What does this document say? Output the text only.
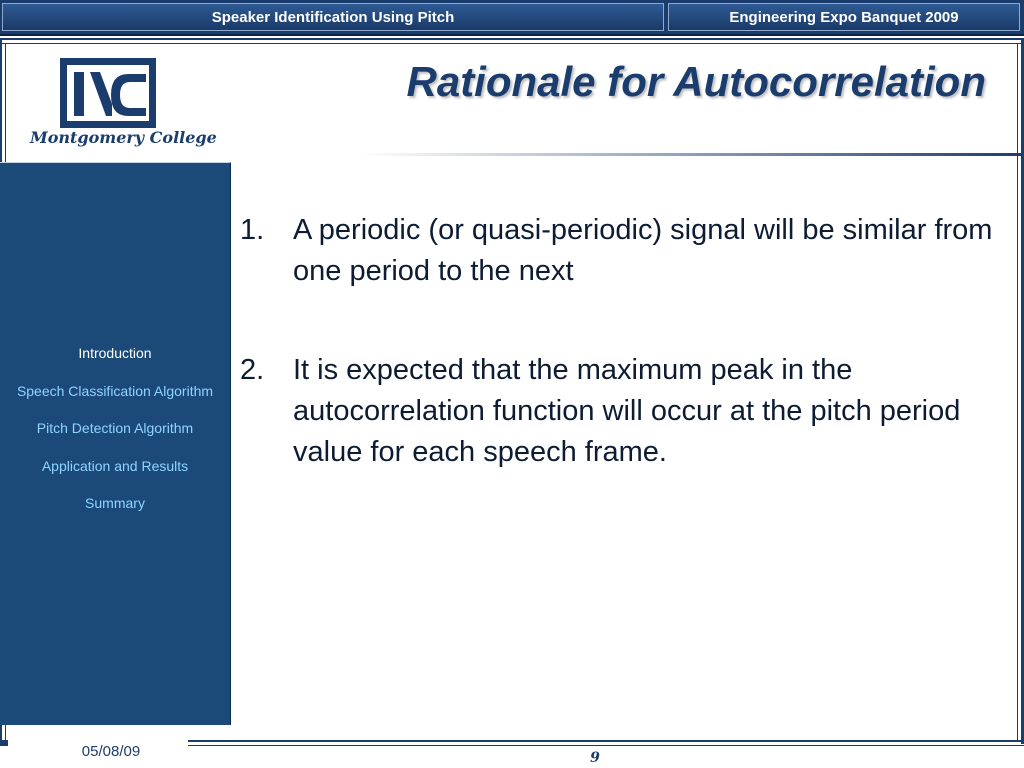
Speaker Identification Using Pitch	Engineering Expo Banquet 2009
Montgomery College
Rationale for Autocorrelation
Introduction
Speech Classification Algorithm
Pitch Detection Algorithm
Application and Results
Summary
1. A periodic (or quasi-periodic) signal will be similar from one period to the next
2. It is expected that the maximum peak in the autocorrelation function will occur at the pitch period value for each speech frame.
05/08/09	9
